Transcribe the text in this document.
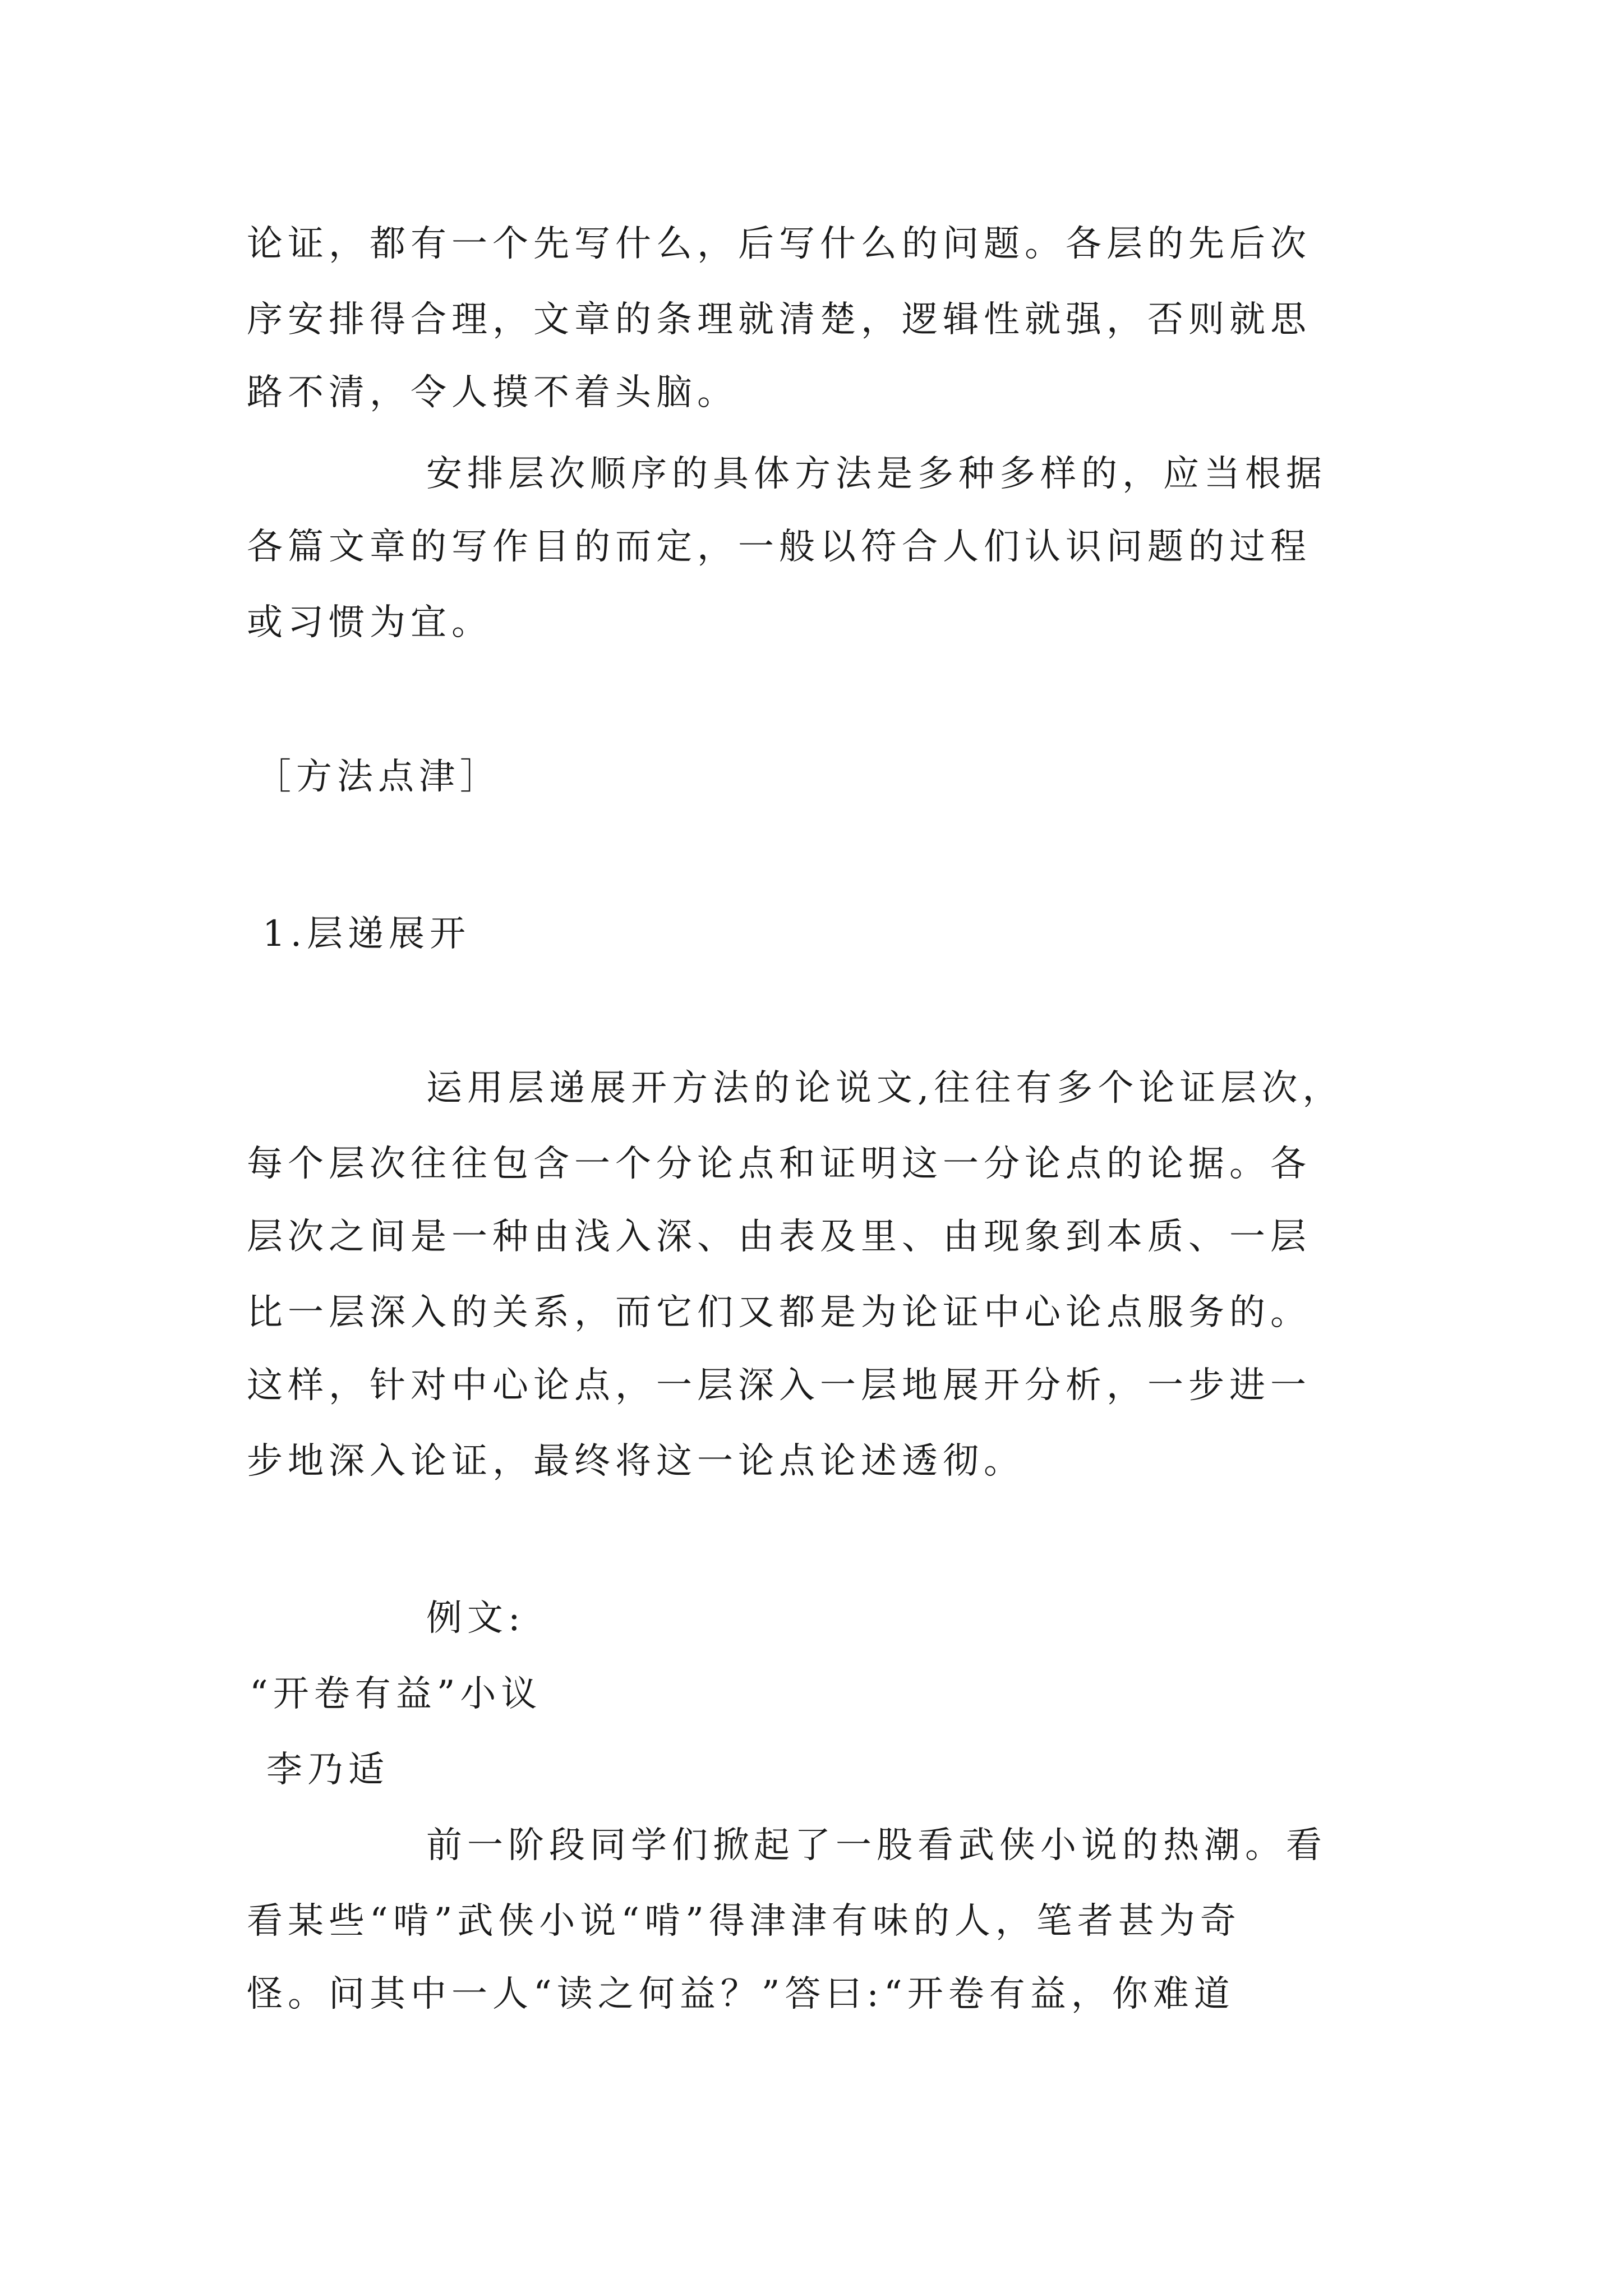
论证，都有一个先写什么，后写什么的问题。各层的先后次
序安排得合理，文章的条理就清楚，逻辑性就强，否则就思
路不清，令人摸不着头脑。
安排层次顺序的具体方法是多种多样的，应当根据
各篇文章的写作目的而定，一般以符合人们认识问题的过程
或习惯为宜。
［方法点津］
1.层递展开
运用层递展开方法的论说文,往往有多个论证层次，
每个层次往往包含一个分论点和证明这一分论点的论据。各
层次之间是一种由浅入深、由表及里、由现象到本质、一层
比一层深入的关系，而它们又都是为论证中心论点服务的。
这样，针对中心论点，一层深入一层地展开分析，一步进一
步地深入论证，最终将这一论点论述透彻。
例文:
“开卷有益”小议
李乃适
前一阶段同学们掀起了一股看武侠小说的热潮。看
看某些“啃”武侠小说“啃”得津津有味的人，笔者甚为奇
怪。问其中一人“读之何益？”答曰:“开卷有益，你难道
